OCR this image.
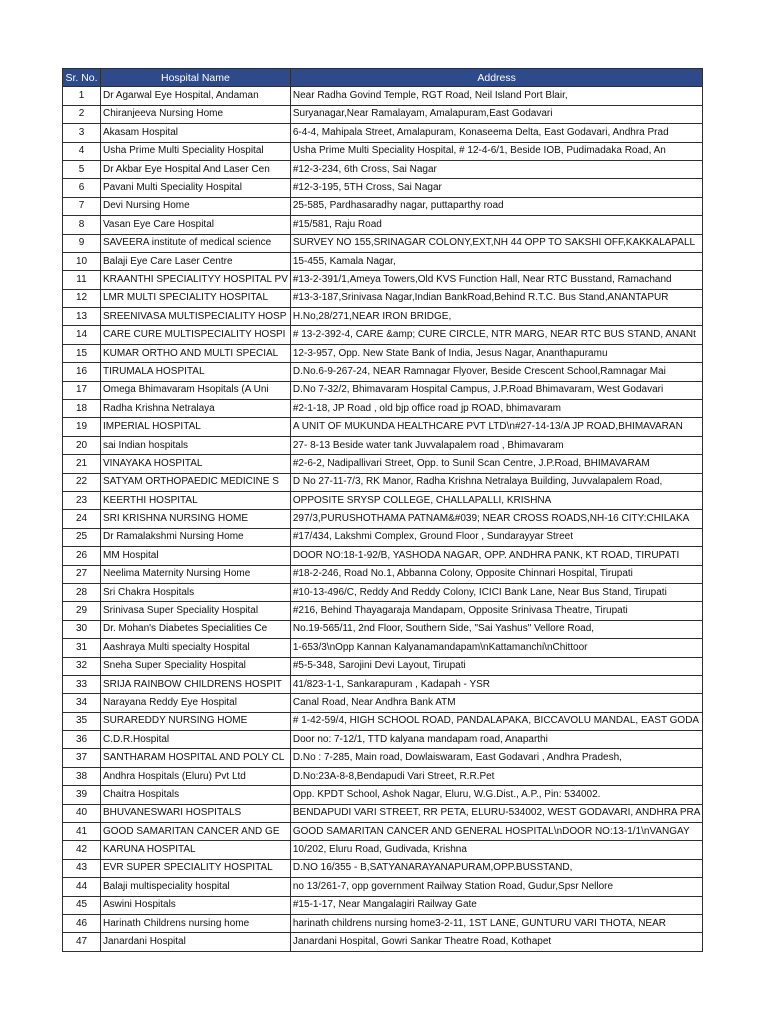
Sr. No.	Hospital Name	Address
1	Dr Agarwal Eye Hospital, Andaman	Near Radha Govind Temple, RGT Road, Neil Island Port Blair,
2	Chiranjeeva Nursing Home	Suryanagar,Near Ramalayam, Amalapuram,East Godavari
3	Akasam Hospital	6-4-4, Mahipala Street, Amalapuram, Konaseema Delta, East Godavari, Andhra Prad
4	Usha Prime Multi Speciality Hospital	Usha Prime Multi Speciality Hospital, # 12-4-6/1, Beside IOB, Pudimadaka Road, An
5	Dr Akbar Eye Hospital And Laser Cen	#12-3-234, 6th Cross, Sai Nagar
6	Pavani Multi Speciality Hospital	#12-3-195, 5TH Cross, Sai Nagar
7	Devi Nursing Home	25-585, Pardhasaradhy nagar, puttaparthy road
8	Vasan Eye Care Hospital	#15/581, Raju Road
9	SAVEERA institute of medical science	SURVEY NO 155,SRINAGAR COLONY,EXT,NH 44 OPP TO SAKSHI OFF,KAKKALAPALL
10	Balaji Eye Care Laser Centre	15-455, Kamala Nagar,
11	KRAANTHI SPECIALITYY HOSPITAL PV	#13-2-391/1,Ameya Towers,Old KVS Function Hall, Near RTC Busstand, Ramachand
12	LMR MULTI SPECIALITY HOSPITAL	#13-3-187,Srinivasa Nagar,Indian BankRoad,Behind R.T.C. Bus Stand,ANANTAPUR
13	SREENIVASA MULTISPECIALITY HOSP	H.No,28/271,NEAR IRON BRIDGE,
14	CARE CURE MULTISPECIALITY HOSPI	# 13-2-392-4, CARE &amp; CURE CIRCLE, NTR MARG, NEAR RTC BUS STAND, ANANt
15	KUMAR ORTHO AND MULTI SPECIAL	12-3-957, Opp. New State Bank of India, Jesus Nagar, Ananthapuramu
16	TIRUMALA HOSPITAL	D.No.6-9-267-24, NEAR Ramnagar Flyover, Beside Crescent School,Ramnagar Mai
17	Omega Bhimavaram Hsopitals (A Uni	D.No 7-32/2, Bhimavaram Hospital Campus, J.P.Road Bhimavaram, West Godavari
18	Radha Krishna Netralaya	#2-1-18, JP Road , old bjp office road jp ROAD, bhimavaram
19	IMPERIAL HOSPITAL	A UNIT OF MUKUNDA HEALTHCARE PVT LTD\n#27-14-13/A JP ROAD,BHIMAVARAN
20	sai Indian hospitals	27- 8-13 Beside water tank Juvvalapalem road , Bhimavaram
21	VINAYAKA HOSPITAL	#2-6-2, Nadipallivari Street, Opp. to Sunil Scan Centre, J.P.Road, BHIMAVARAM
22	SATYAM ORTHOPAEDIC MEDICINE S	D No 27-11-7/3, RK Manor, Radha Krishna Netralaya Building, Juvvalapalem Road,
23	KEERTHI HOSPITAL	OPPOSITE SRYSP COLLEGE, CHALLAPALLI, KRISHNA
24	SRI KRISHNA NURSING HOME	297/3,PURUSHOTHAMA PATNAM&#039; NEAR CROSS ROADS,NH-16 CITY:CHILAKA
25	Dr Ramalakshmi Nursing Home	#17/434, Lakshmi Complex, Ground Floor , Sundarayyar Street
26	MM Hospital	DOOR NO:18-1-92/B, YASHODA NAGAR, OPP. ANDHRA PANK, KT ROAD, TIRUPATI
27	Neelima Maternity Nursing Home	#18-2-246, Road No.1, Abbanna Colony, Opposite Chinnari Hospital, Tirupati
28	Sri Chakra Hospitals	#10-13-496/C, Reddy And Reddy Colony, ICICI Bank Lane, Near Bus Stand, Tirupati
29	Srinivasa Super Speciality Hospital	#216, Behind Thayagaraja Mandapam, Opposite Srinivasa Theatre, Tirupati
30	Dr. Mohan's Diabetes Specialities Ce	No.19-565/11, 2nd Floor, Southern Side, "Sai Yashus" Vellore Road,
31	Aashraya Multi specialty Hospital	1-653/3\nOpp Kannan Kalyanamandapam\nKattamanchi\nChittoor
32	Sneha Super Speciality Hospital	#5-5-348, Sarojini Devi Layout, Tirupati
33	SRIJA RAINBOW CHILDRENS HOSPIT	41/823-1-1, Sankarapuram , Kadapah - YSR
34	Narayana Reddy Eye Hospital	Canal Road, Near Andhra Bank ATM
35	SURAREDDY NURSING HOME	# 1-42-59/4, HIGH SCHOOL ROAD, PANDALAPAKA, BICCAVOLU MANDAL, EAST GODA
36	C.D.R.Hospital	Door no: 7-12/1, TTD kalyana mandapam road, Anaparthi
37	SANTHARAM HOSPITAL AND POLY CL	D.No : 7-285, Main road, Dowlaiswaram, East Godavari , Andhra Pradesh,
38	Andhra Hospitals (Eluru) Pvt Ltd	D.No:23A-8-8,Bendapudi Vari Street, R.R.Pet
39	Chaitra Hospitals	Opp. KPDT School, Ashok Nagar, Eluru, W.G.Dist., A.P., Pin: 534002.
40	BHUVANESWARI HOSPITALS	BENDAPUDI VARI STREET, RR PETA, ELURU-534002, WEST GODAVARI, ANDHRA PRA
41	GOOD SAMARITAN CANCER AND GE	GOOD SAMARITAN CANCER AND GENERAL HOSPITAL\nDOOR NO:13-1/1\nVANGAY
42	KARUNA HOSPITAL	10/202, Eluru Road, Gudivada, Krishna
43	EVR SUPER SPECIALITY HOSPITAL	D.NO 16/355 - B,SATYANARAYANAPURAM,OPP.BUSSTAND,
44	Balaji multispeciality hospital	no 13/261-7, opp government Railway Station Road, Gudur,Spsr Nellore
45	Aswini Hospitals	#15-1-17, Near Mangalagiri Railway Gate
46	Harinath Childrens nursing home	harinath childrens nursing home3-2-11, 1ST LANE, GUNTURU VARI THOTA, NEAR
47	Janardani Hospital	Janardani Hospital, Gowri Sankar Theatre Road, Kothapet
